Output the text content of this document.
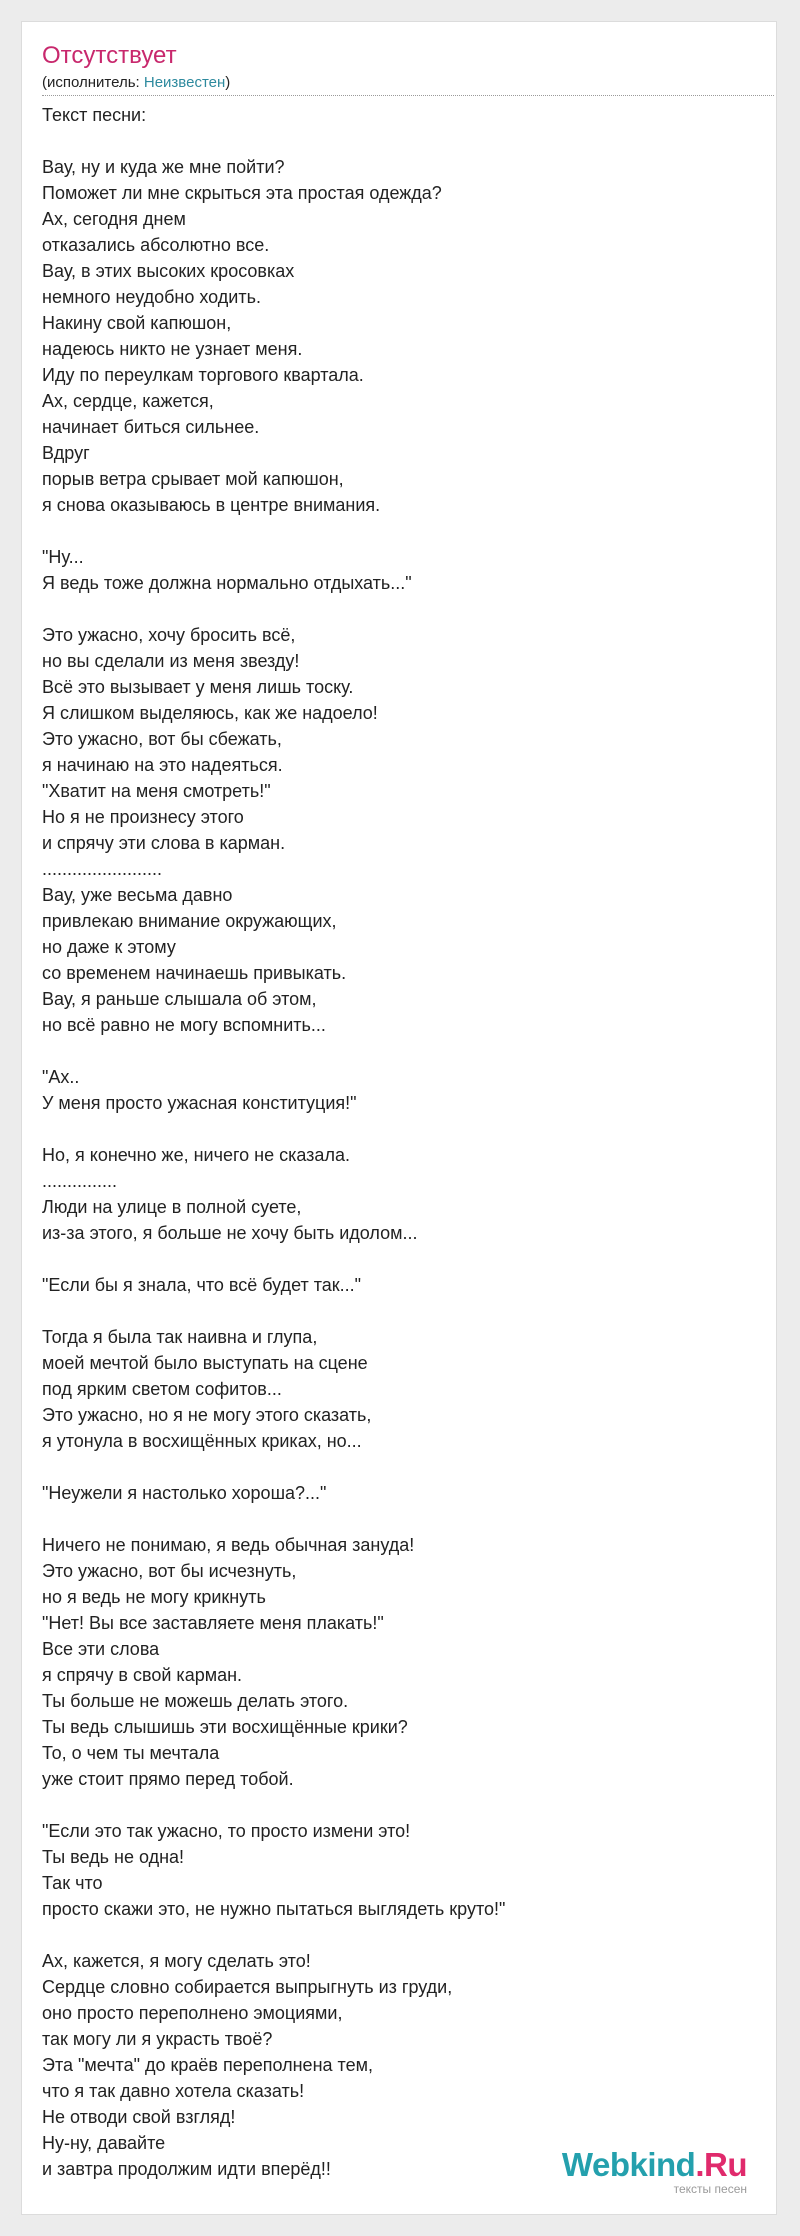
Отсутствует
(исполнитель: Неизвестен)
Текст песни:
Вау, ну и куда же мне пойти?
Поможет ли мне скрыться эта простая одежда?
Ах, сегодня днем
отказались абсолютно все.
Вау, в этих высоких кросовках
немного неудобно ходить.
Накину свой капюшон,
надеюсь никто не узнает меня.
Иду по переулкам торгового квартала.
Ах, сердце, кажется,
начинает биться сильнее.
Вдруг
порыв ветра срывает мой капюшон,
я снова оказываюсь в центре внимания.
"Ну...
Я ведь тоже должна нормально отдыхать..."
Это ужасно, хочу бросить всё,
но вы сделали из меня звезду!
Всё это вызывает у меня лишь тоску.
Я слишком выделяюсь, как же надоело!
Это ужасно, вот бы сбежать,
я начинаю на это надеяться.
"Хватит на меня смотреть!"
Но я не произнесу этого
и спрячу эти слова в карман.
........................
Вау, уже весьма давно
привлекаю внимание окружающих,
но даже к этому
со временем начинаешь привыкать.
Вау, я раньше слышала об этом,
но всё равно не могу вспомнить...
"Ах..
У меня просто ужасная конституция!"
Но, я конечно же, ничего не сказала.
...............
Люди на улице в полной суете,
из-за этого, я больше не хочу быть идолом...
"Если бы я знала, что всё будет так..."
Тогда я была так наивна и глупа,
моей мечтой было выступать на сцене
под ярким светом софитов...
Это ужасно, но я не могу этого сказать,
я утонула в восхищённых криках, но...
"Неужели я настолько хороша?..."
Ничего не понимаю, я ведь обычная зануда!
Это ужасно, вот бы исчезнуть,
но я ведь не могу крикнуть
"Нет! Вы все заставляете меня плакать!"
Все эти слова
я спрячу в свой карман.
Ты больше не можешь делать этого.
Ты ведь слышишь эти восхищённые крики?
То, о чем ты мечтала
уже стоит прямо перед тобой.
"Если это так ужасно, то просто измени это!
Ты ведь не одна!
Так что
просто скажи это, не нужно пытаться выглядеть круто!"
Ах, кажется, я могу сделать это!
Сердце словно собирается выпрыгнуть из груди,
оно просто переполнено эмоциями,
так могу ли я украсть твоё?
Эта "мечта" до краёв переполнена тем,
что я так давно хотела сказать!
Не отводи свой взгляд!
Ну-ну, давайте
и завтра продолжим идти вперёд!!	Webkind.Ru
тексты песен
